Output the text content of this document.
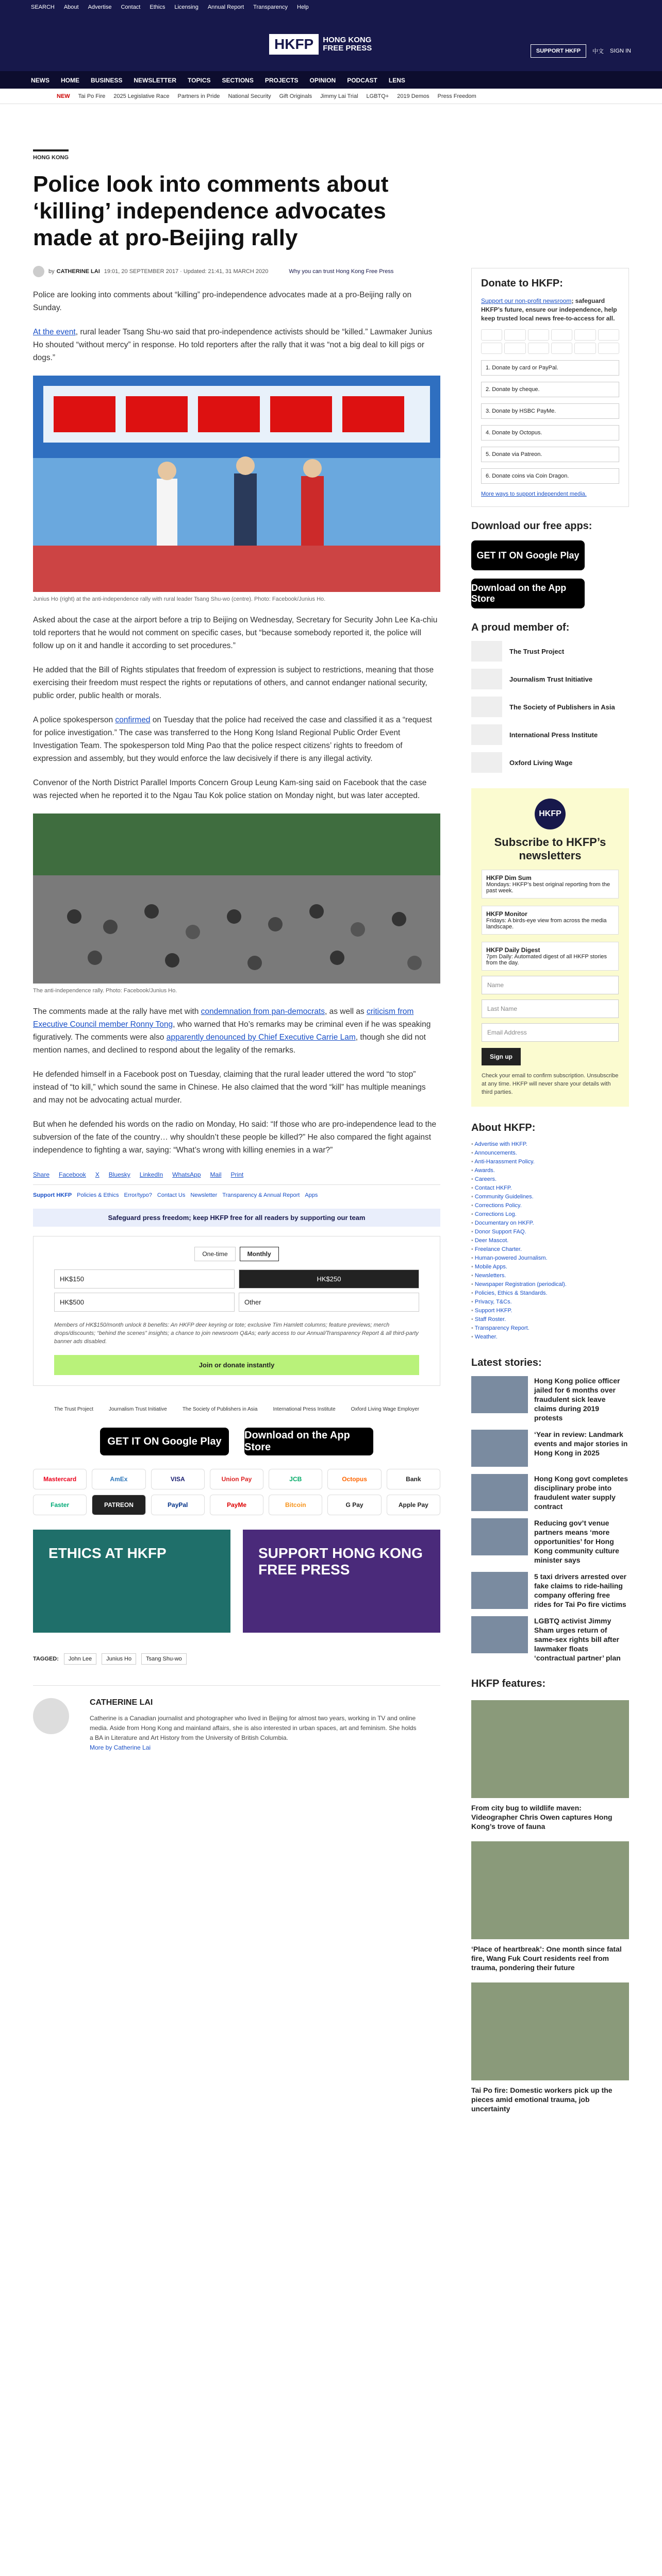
SEARCH About Advertise Contact Ethics Licensing Annual Report Transparency Help
HKFP	HONG KONG
FREE PRESS	SUPPORT HKFP	中文 SIGN IN
NEWS HOME BUSINESS NEWSLETTER TOPICS SECTIONS PROJECTS OPINION PODCAST LENS
NEW Tai Po Fire 2025 Legislative Race Partners in Pride National Security Gift Originals Jimmy Lai Trial LGBTQ+ 2019 Demos Press Freedom
HONG KONG
Police look into comments about ‘killing’ independence advocates made at pro-Beijing rally
by CATHERINE LAI 19:01, 20 SEPTEMBER 2017 · Updated: 21:41, 31 MARCH 2020	Why you can trust Hong Kong Free Press

Police are looking into comments about “killing” pro-independence advocates made at a pro-Beijing rally on Sunday.

At the event, rural leader Tsang Shu-wo said that pro-independence activists should be “killed.” Lawmaker Junius Ho shouted “without mercy” in response. Ho told reporters after the rally that it was “not a big deal to kill pigs or dogs.”

Junius Ho (right) at the anti-independence rally with rural leader Tsang Shu-wo (centre). Photo: Facebook/Junius Ho.

Asked about the case at the airport before a trip to Beijing on Wednesday, Secretary for Security John Lee Ka-chiu told reporters that he would not comment on specific cases, but “because somebody reported it, the police will follow up on it and handle it according to set procedures.”

He added that the Bill of Rights stipulates that freedom of expression is subject to restrictions, meaning that those exercising their freedom must respect the rights or reputations of others, and cannot endanger national security, public order, public health or morals.

A police spokesperson confirmed on Tuesday that the police had received the case and classified it as a “request for police investigation.” The case was transferred to the Hong Kong Island Regional Public Order Event Investigation Team. The spokesperson told Ming Pao that the police respect citizens’ rights to freedom of expression and assembly, but they would enforce the law decisively if there is any illegal activity.

Convenor of the North District Parallel Imports Concern Group Leung Kam-sing said on Facebook that the case was rejected when he reported it to the Ngau Tau Kok police station on Monday night, but was later accepted.

The anti-independence rally. Photo: Facebook/Junius Ho.

The comments made at the rally have met with condemnation from pan-democrats, as well as criticism from Executive Council member Ronny Tong, who warned that Ho’s remarks may be criminal even if he was speaking figuratively. The comments were also apparently denounced by Chief Executive Carrie Lam, though she did not mention names, and declined to respond about the legality of the remarks.

He defended himself in a Facebook post on Tuesday, claiming that the rural leader uttered the word “to stop” instead of “to kill,” which sound the same in Chinese. He also claimed that the word “kill” has multiple meanings and may not be advocating actual murder.

But when he defended his words on the radio on Monday, Ho said: “If those who are pro-independence lead to the subversion of the fate of the country… why shouldn’t these people be killed?” He also compared the fight against independence to fighting a war, saying: “What’s wrong with killing enemies in a war?”

Share Facebook X Bluesky LinkedIn WhatsApp Mail Print
Support HKFP Policies & Ethics Error/typo? Contact Us Newsletter Transparency & Annual Report Apps
Safeguard press freedom; keep HKFP free for all readers by supporting our team
One-time	Monthly
HK$150	HK$250
HK$500	Other

Members of HK$150/month unlock 8 benefits: An HKFP deer keyring or tote; exclusive Tim Hamlett columns; feature previews; merch drops/discounts; “behind the scenes” insights; a chance to join newsroom Q&As; early access to our Annual/Transparency Report & all third-party banner ads disabled.

Join or donate instantly
The Trust Project	Journalism Trust Initiative	The Society of Publishers in Asia	International Press Institute	Oxford Living Wage Employer
GET IT ON Google Play
Download on the App Store
Mastercard	AmEx	VISA	Union Pay	JCB	Octopus	Bank
Faster	PATREON	PayPal	PayMe	Bitcoin	G Pay	Apple Pay
ETHICS AT HKFP	SUPPORT HONG KONG FREE PRESS
TAGGED:	John Lee	Junius Ho	Tsang Shu-wo
CATHERINE LAI

Catherine is a Canadian journalist and photographer who lived in Beijing for almost two years, working in TV and online media. Aside from Hong Kong and mainland affairs, she is also interested in urban spaces, art and feminism. She holds a BA in Literature and Art History from the University of British Columbia.

More by Catherine Lai
Donate to HKFP:

Support our non-profit newsroom; safeguard HKFP’s future, ensure our independence, help keep trusted local news free-to-access for all.

1. Donate by card or PayPal.
2. Donate by cheque.
3. Donate by HSBC PayMe.
4. Donate by Octopus.
5. Donate via Patreon.
6. Donate coins via Coin Dragon.
More ways to support independent media.
Download our free apps:
GET IT ON Google Play
Download on the App Store
A proud member of:
The Trust Project
Journalism Trust Initiative
The Society of Publishers in Asia
International Press Institute
Oxford Living Wage
HKFP
Subscribe to HKFP’s newsletters
HKFP Dim Sum
Mondays: HKFP’s best original reporting from the past week.
HKFP Monitor
Fridays: A birds-eye view from across the media landscape.
HKFP Daily Digest
7pm Daily: Automated digest of all HKFP stories from the day.
Name
Last Name
Email Address
Sign up

Check your email to confirm subscription. Unsubscribe at any time. HKFP will never share your details with third parties.

About HKFP:
• Advertise with HKFP.
• Announcements.
• Anti-Harassment Policy.
• Awards.
• Careers.
• Contact HKFP.
• Community Guidelines.
• Corrections Policy.
• Corrections Log.
• Documentary on HKFP.
• Donor Support FAQ.
• Deer Mascot.
• Freelance Charter.
• Human-powered Journalism.
• Mobile Apps.
• Newsletters.
• Newspaper Registration (periodical).
• Policies, Ethics & Standards.
• Privacy, T&Cs.
• Support HKFP.
• Staff Roster.
• Transparency Report.
• Weather.
Latest stories:
Hong Kong police officer jailed for 6 months over fraudulent sick leave claims during 2019 protests
‘Year in review: Landmark events and major stories in Hong Kong in 2025
Hong Kong govt completes disciplinary probe into fraudulent water supply contract
Reducing gov’t venue partners means ‘more opportunities’ for Hong Kong community culture minister says
5 taxi drivers arrested over fake claims to ride-hailing company offering free rides for Tai Po fire victims
LGBTQ activist Jimmy Sham urges return of same-sex rights bill after lawmaker floats ‘contractual partner’ plan
HKFP features:
From city bug to wildlife maven: Videographer Chris Owen captures Hong Kong’s trove of fauna
‘Place of heartbreak’: One month since fatal fire, Wang Fuk Court residents reel from trauma, pondering their future
Tai Po fire: Domestic workers pick up the pieces amid emotional trauma, job uncertainty
